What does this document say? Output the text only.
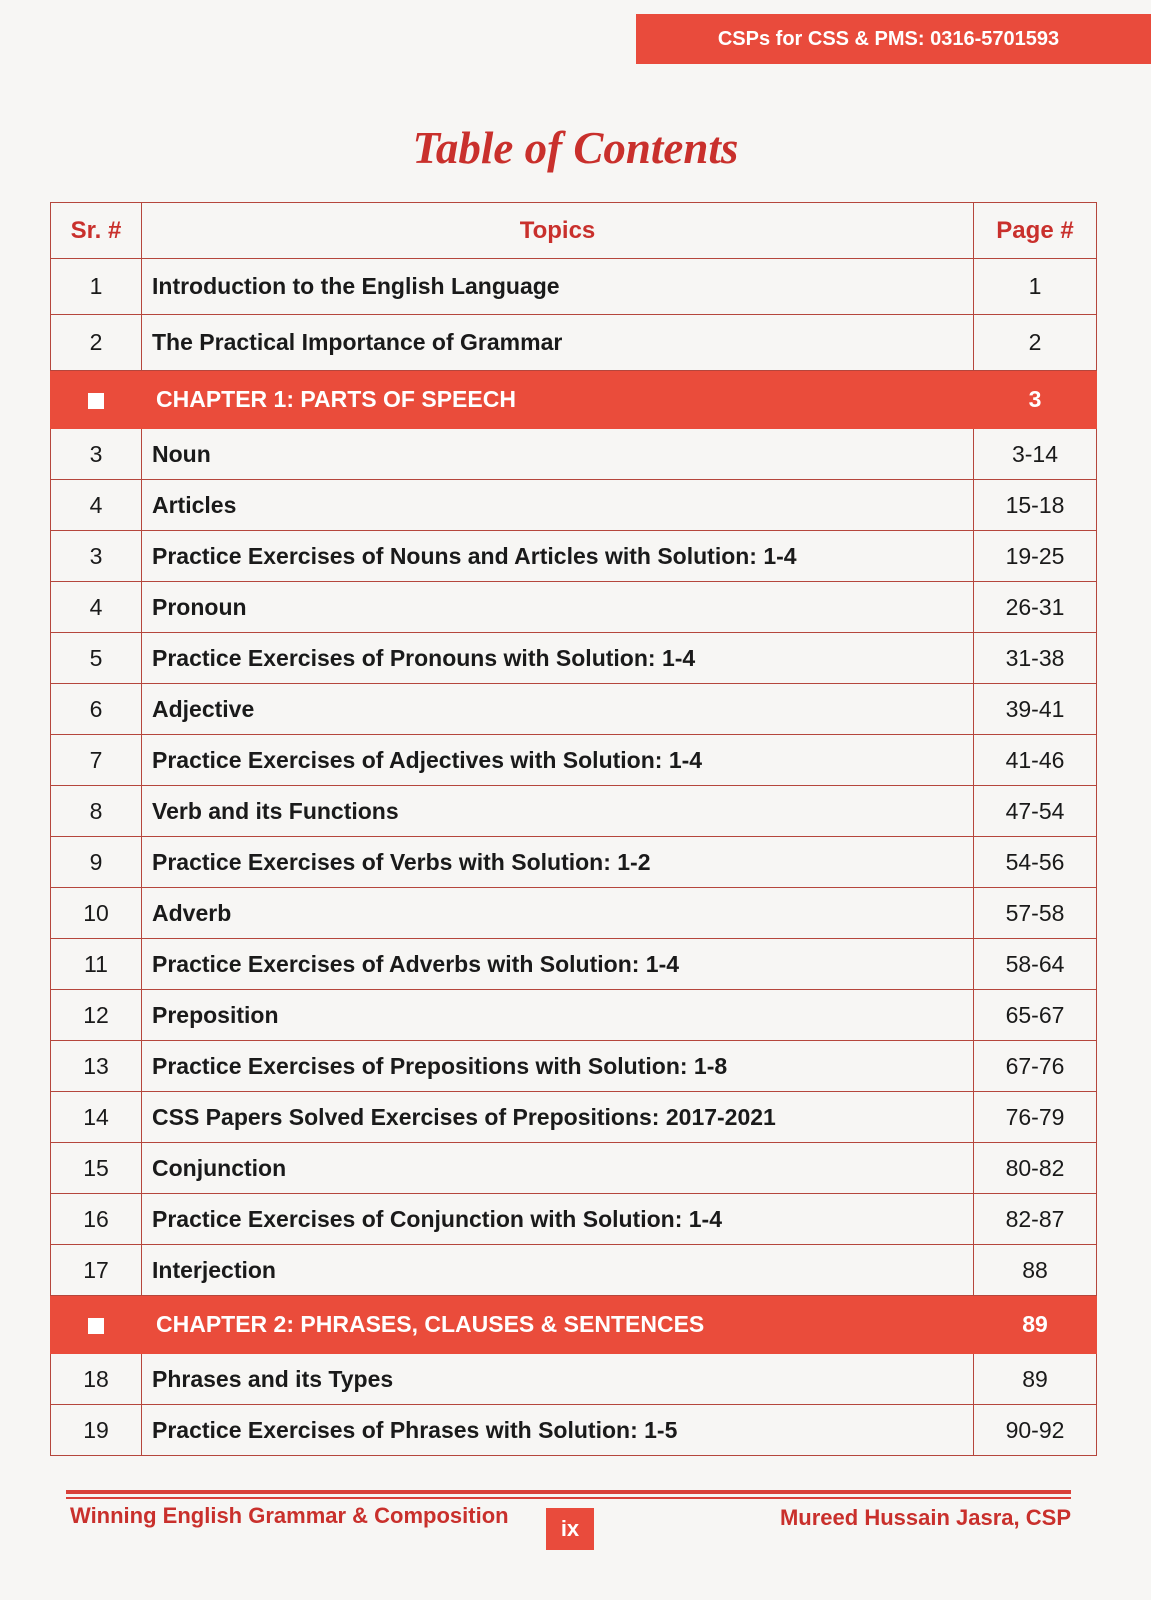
CSPs for CSS & PMS: 0316-5701593
Table of Contents
Sr. #	Topics	Page #
1	Introduction to the English Language	1
2	The Practical Importance of Grammar	2
	CHAPTER 1: PARTS OF SPEECH	3
3	Noun	3-14
4	Articles	15-18
3	Practice Exercises of Nouns and Articles with Solution: 1-4	19-25
4	Pronoun	26-31
5	Practice Exercises of Pronouns with Solution: 1-4	31-38
6	Adjective	39-41
7	Practice Exercises of Adjectives with Solution: 1-4	41-46
8	Verb and its Functions	47-54
9	Practice Exercises of Verbs with Solution: 1-2	54-56
10	Adverb	57-58
11	Practice Exercises of Adverbs with Solution: 1-4	58-64
12	Preposition	65-67
13	Practice Exercises of Prepositions with Solution: 1-8	67-76
14	CSS Papers Solved Exercises of Prepositions: 2017-2021	76-79
15	Conjunction	80-82
16	Practice Exercises of Conjunction with Solution: 1-4	82-87
17	Interjection	88
	CHAPTER 2: PHRASES, CLAUSES & SENTENCES	89
18	Phrases and its Types	89
19	Practice Exercises of Phrases with Solution: 1-5	90-92
Winning English Grammar & Composition
ix	Mureed Hussain Jasra, CSP
